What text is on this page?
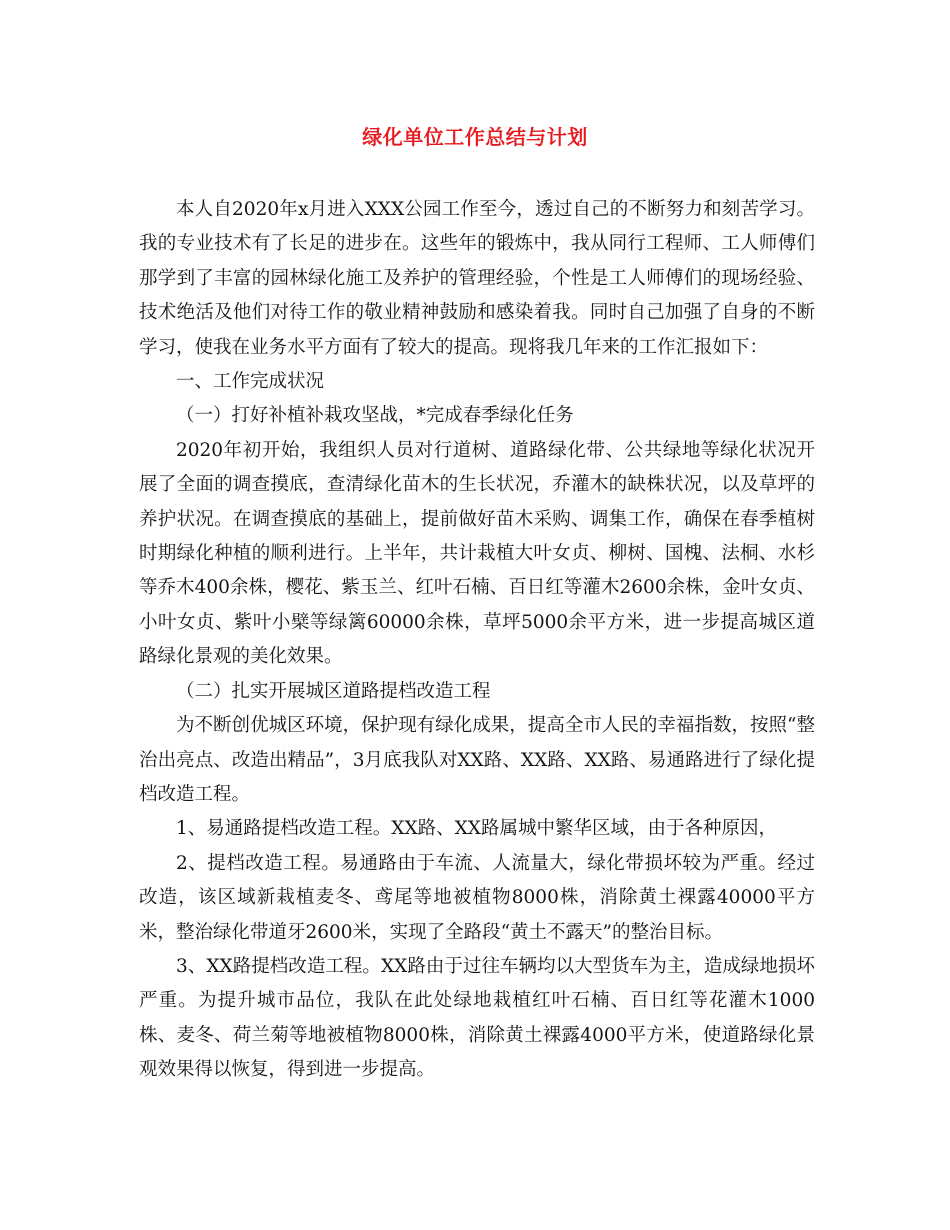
绿化单位工作总结与计划

本人自2020年x月进入XXX公园工作至今，透过自己的不断努力和刻苦学习。我的专业技术有了长足的进步在。这些年的锻炼中，我从同行工程师、工人师傅们那学到了丰富的园林绿化施工及养护的管理经验，个性是工人师傅们的现场经验、技术绝活及他们对待工作的敬业精神鼓励和感染着我。同时自己加强了自身的不断学习，使我在业务水平方面有了较大的提高。现将我几年来的工作汇报如下：

一、工作完成状况

（一）打好补植补栽攻坚战，*完成春季绿化任务

2020年初开始，我组织人员对行道树、道路绿化带、公共绿地等绿化状况开展了全面的调查摸底，查清绿化苗木的生长状况，乔灌木的缺株状况，以及草坪的养护状况。在调查摸底的基础上，提前做好苗木采购、调集工作，确保在春季植树时期绿化种植的顺利进行。上半年，共计栽植大叶女贞、柳树、国槐、法桐、水杉等乔木400余株，樱花、紫玉兰、红叶石楠、百日红等灌木2600余株，金叶女贞、小叶女贞、紫叶小檗等绿篱60000余株，草坪5000余平方米，进一步提高城区道路绿化景观的美化效果。

（二）扎实开展城区道路提档改造工程

为不断创优城区环境，保护现有绿化成果，提高全市人民的幸福指数，按照“整治出亮点、改造出精品”，3月底我队对XX路、XX路、XX路、易通路进行了绿化提档改造工程。

1、易通路提档改造工程。XX路、XX路属城中繁华区域，由于各种原因，

2、提档改造工程。易通路由于车流、人流量大，绿化带损坏较为严重。经过改造，该区域新栽植麦冬、鸢尾等地被植物8000株，消除黄土裸露40000平方米，整治绿化带道牙2600米，实现了全路段“黄土不露天”的整治目标。

3、XX路提档改造工程。XX路由于过往车辆均以大型货车为主，造成绿地损坏严重。为提升城市品位，我队在此处绿地栽植红叶石楠、百日红等花灌木1000株、麦冬、荷兰菊等地被植物8000株，消除黄土裸露4000平方米，使道路绿化景观效果得以恢复，得到进一步提高。
